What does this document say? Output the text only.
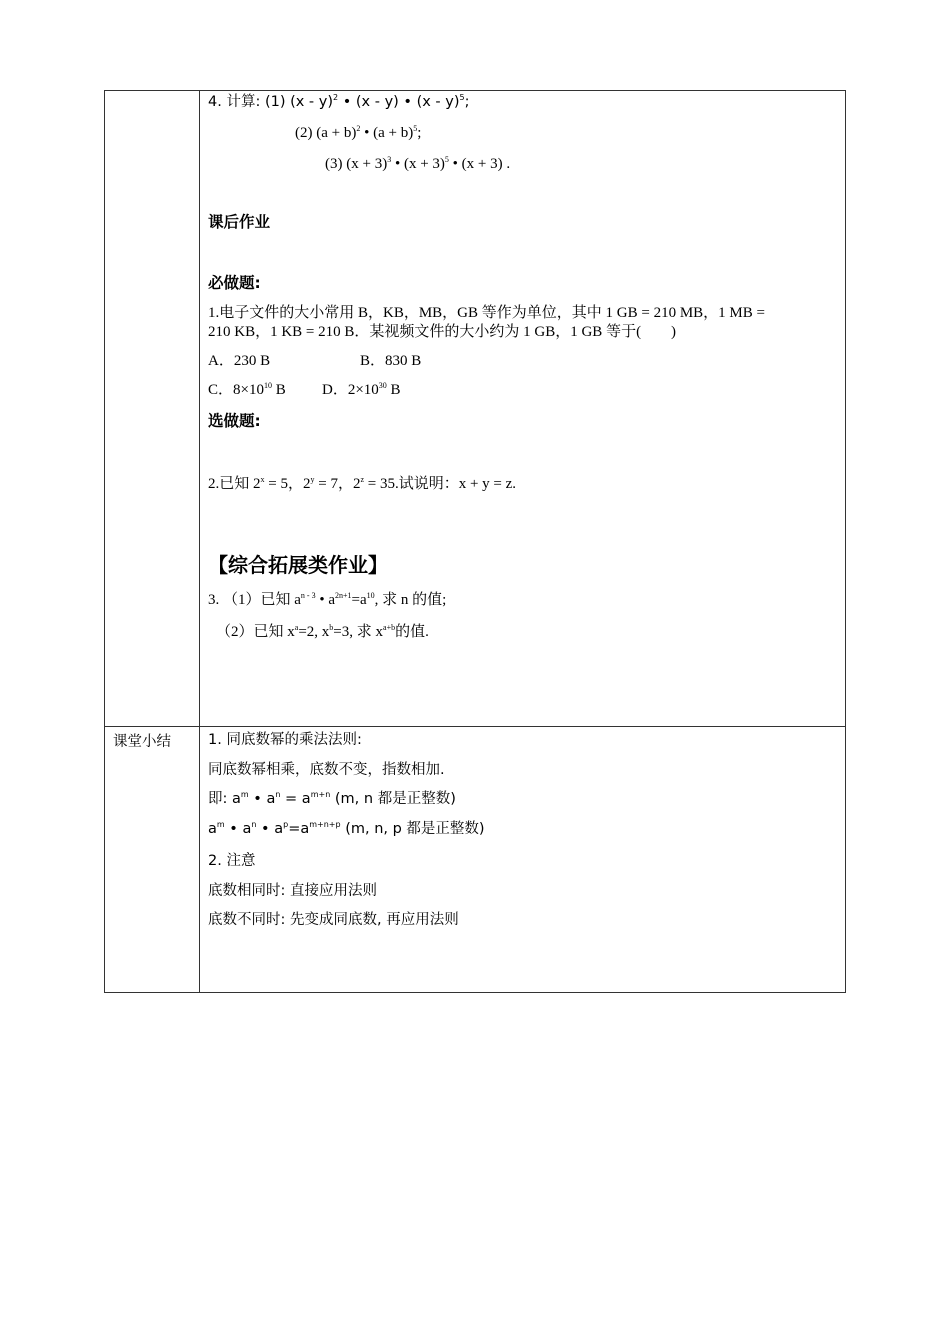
课堂小结
4. 计算: (1) (x - y)$^2$ • (x - y) • (x - y)$^5$;
(2) $(a + b)^2$ • $(a + b)^5$;
(3) $(x + 3)^3$ • $(x + 3)^5$ • (x + 3) .
课后作业
必做题:
1.电子文件的大小常用 B，KB，MB，GB 等作为单位，其中 1 GB = 210 MB，1 MB =
210 KB，1 KB = 210 B．某视频文件的大小约为 1 GB，1 GB 等于(　　)
A．230 B	B．830 B
C．$8\times 10^{10}$ B D．$2\times 10^{30}$ B
选做题:
2.已知 $2^x = 5$，$2^y = 7$，$2^z = 35$.试说明：x + y = z.
【综合拓展类作业】
3. （1）已知 $a^{n - 3}$ • $a^{2n+1}=a^{10}$, 求 n 的值;
（2）已知 $x^a=2$, $x^b=3$, 求 $x^{a+b}$的值.
1. 同底数幂的乘法法则:
同底数幂相乘，底数不变，指数相加.
即: $a^m$ • $a^n = a^{m+n}$ (m, n 都是正整数)
$a^m$ • $a^n$ • $a^p=a^{m+n+p}$ (m, n, p 都是正整数)
2. 注意
底数相同时: 直接应用法则
底数不同时: 先变成同底数, 再应用法则
